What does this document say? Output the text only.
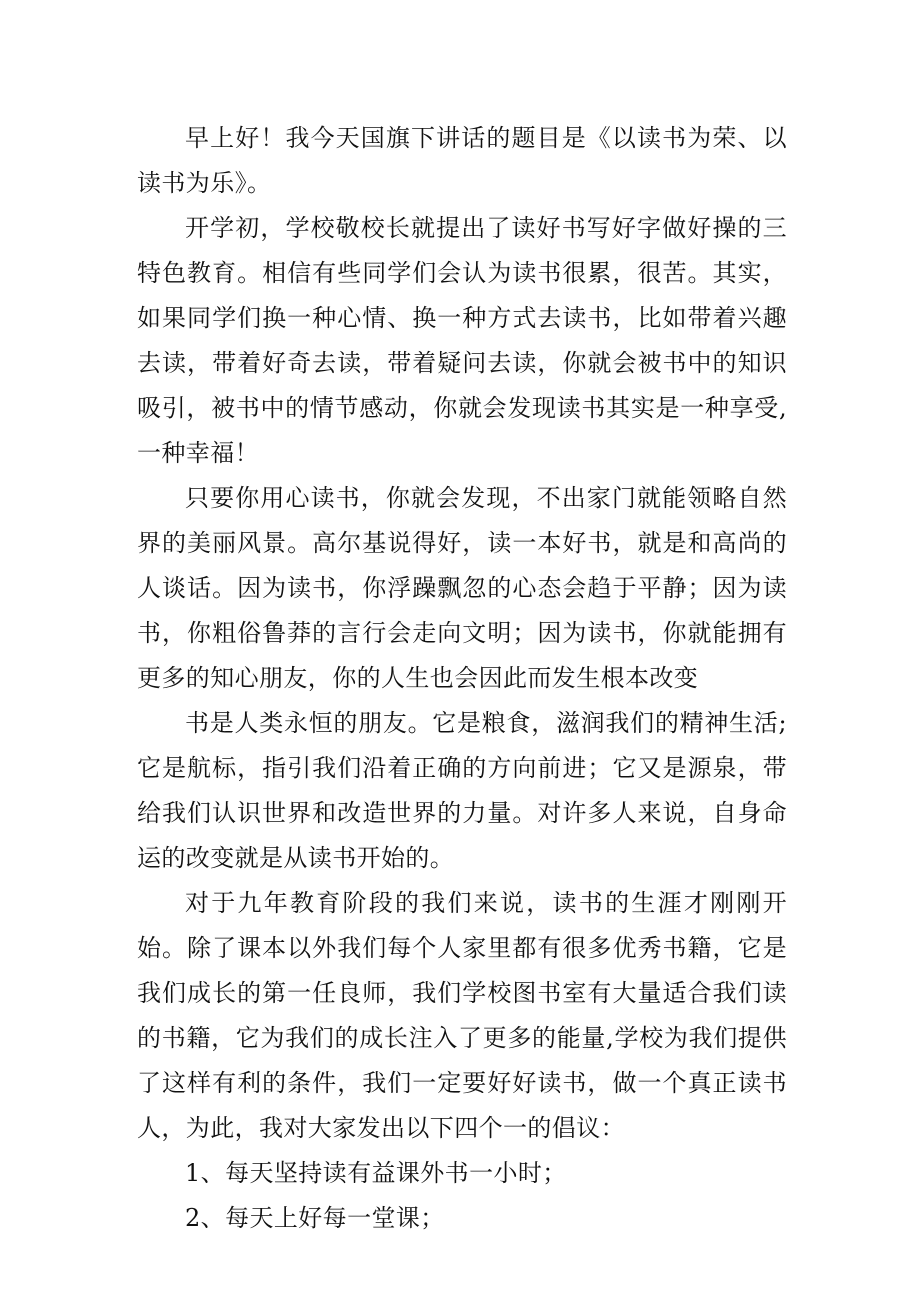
早上好！我今天国旗下讲话的题目是《以读书为荣、以读书为乐》。

开学初，学校敬校长就提出了读好书写好字做好操的三特色教育。相信有些同学们会认为读书很累，很苦。其实，如果同学们换一种心情、换一种方式去读书，比如带着兴趣去读，带着好奇去读，带着疑问去读，你就会被书中的知识吸引，被书中的情节感动，你就会发现读书其实是一种享受, 一种幸福！

只要你用心读书，你就会发现，不出家门就能领略自然界的美丽风景。高尔基说得好，读一本好书，就是和高尚的人谈话。因为读书，你浮躁飘忽的心态会趋于平静；因为读书，你粗俗鲁莽的言行会走向文明；因为读书，你就能拥有更多的知心朋友，你的人生也会因此而发生根本改变

书是人类永恒的朋友。它是粮食，滋润我们的精神生活;它是航标，指引我们沿着正确的方向前进；它又是源泉，带给我们认识世界和改造世界的力量。对许多人来说，自身命运的改变就是从读书开始的。

对于九年教育阶段的我们来说，读书的生涯才刚刚开始。除了课本以外我们每个人家里都有很多优秀书籍，它是我们成长的第一任良师，我们学校图书室有大量适合我们读的书籍，它为我们的成长注入了更多的能量,学校为我们提供了这样有利的条件，我们一定要好好读书，做一个真正读书人，为此，我对大家发出以下四个一的倡议：

1、每天坚持读有益课外书一小时；

2、每天上好每一堂课；
